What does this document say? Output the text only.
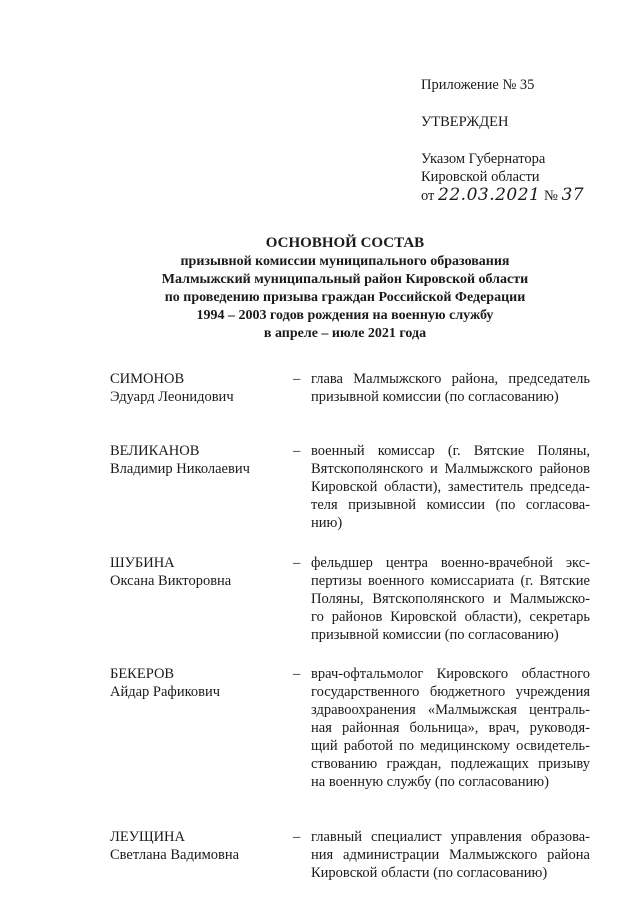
Приложение № 35
УТВЕРЖДЕН
Указом Губернатора
Кировской области
от 22.03.2021 № 37
ОСНОВНОЙ СОСТАВ
призывной комиссии муниципального образования
Малмыжский муниципальный район Кировской области
по проведению призыва граждан Российской Федерации
1994 – 2003 годов рождения на военную службу
в апреле – июле 2021 года
СИМОНОВ
Эдуард Леонидович
– глава Малмыжского района, председатель
призывной комиссии (по согласованию)
ВЕЛИКАНОВ
Владимир Николаевич
– военный комиссар (г. Вятские Поляны,
Вятскополянского и Малмыжского районов
Кировской области), заместитель председа-
теля призывной комиссии (по согласова-
нию)
ШУБИНА
Оксана Викторовна
– фельдшер центра военно-врачебной экс-
пертизы военного комиссариата (г. Вятские
Поляны, Вятскополянского и Малмыжско-
го районов Кировской области), секретарь
призывной комиссии (по согласованию)
БЕКЕРОВ
Айдар Рафикович
– врач-офтальмолог Кировского областного
государственного бюджетного учреждения
здравоохранения «Малмыжская централь-
ная районная больница», врач, руководя-
щий работой по медицинскому освидетель-
ствованию граждан, подлежащих призыву
на военную службу (по согласованию)
ЛЕУЩИНА
Светлана Вадимовна
– главный специалист управления образова-
ния администрации Малмыжского района
Кировской области (по согласованию)
